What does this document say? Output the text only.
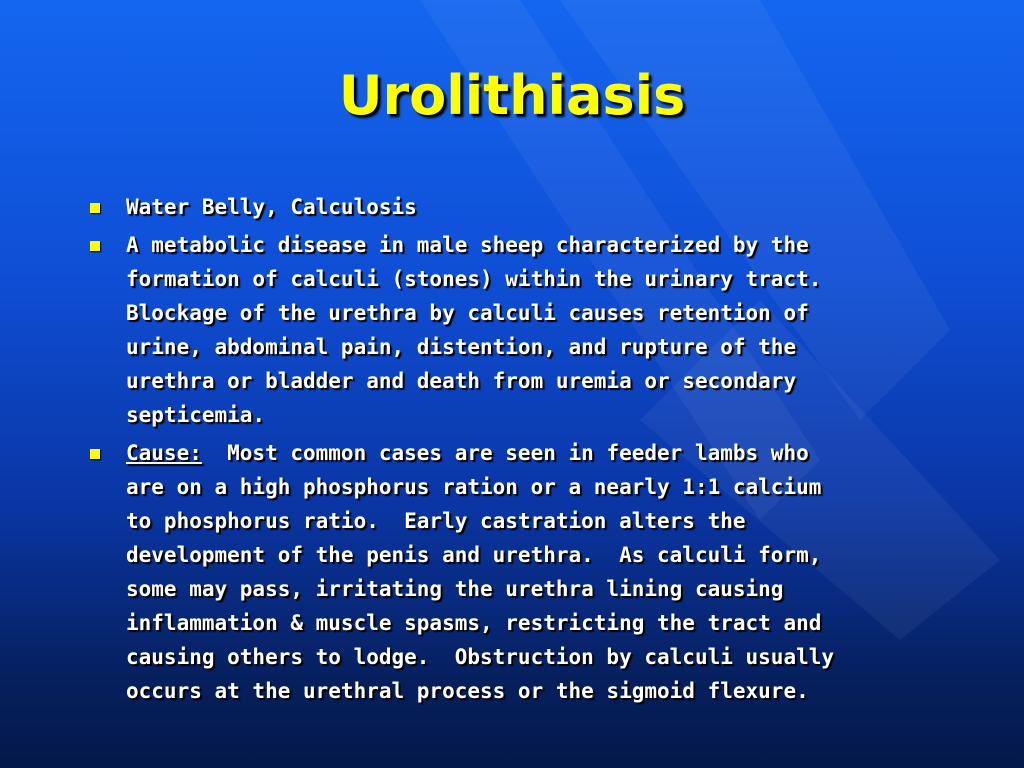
Urolithiasis
Water Belly, Calculosis
A metabolic disease in male sheep characterized by the
formation of calculi (stones) within the urinary tract.
Blockage of the urethra by calculi causes retention of
urine, abdominal pain, distention, and rupture of the
urethra or bladder and death from uremia or secondary
septicemia.
Cause:  Most common cases are seen in feeder lambs who
are on a high phosphorus ration or a nearly 1:1 calcium
to phosphorus ratio.  Early castration alters the
development of the penis and urethra.  As calculi form,
some may pass, irritating the urethra lining causing
inflammation & muscle spasms, restricting the tract and
causing others to lodge.  Obstruction by calculi usually
occurs at the urethral process or the sigmoid flexure.
